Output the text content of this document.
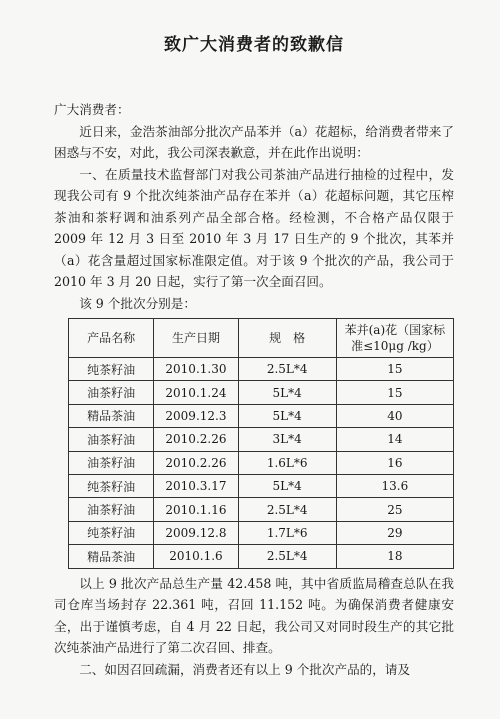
致广大消费者的致歉信

广大消费者：

近日来，金浩茶油部分批次产品苯并（a）花超标，给消费者带来了困惑与不安，对此，我公司深表歉意，并在此作出说明：

一、在质量技术监督部门对我公司茶油产品进行抽检的过程中，发现我公司有 9 个批次纯茶油产品存在苯并（a）花超标问题，其它压榨茶油和茶籽调和油系列产品全部合格。经检测，不合格产品仅限于 2009 年 12 月 3 日至 2010 年 3 月 17 日生产的 9 个批次，其苯并（a）花含量超过国家标准限定值。对于该 9 个批次的产品，我公司于 2010 年 3 月 20 日起，实行了第一次全面召回。

该 9 个批次分别是：

产品名称	生产日期	规　格	苯并(a)花（国家标准≤10μg /kg）
纯茶籽油	2010.1.30	2.5L*4	15
油茶籽油	2010.1.24	5L*4	15
精品茶油	2009.12.3	5L*4	40
油茶籽油	2010.2.26	3L*4	14
油茶籽油	2010.2.26	1.6L*6	16
纯茶籽油	2010.3.17	5L*4	13.6
油茶籽油	2010.1.16	2.5L*4	25
纯茶籽油	2009.12.8	1.7L*6	29
精品茶油	2010.1.6	2.5L*4	18

以上 9 批次产品总生产量 42.458 吨，其中省质监局稽查总队在我司仓库当场封存 22.361 吨，召回 11.152 吨。为确保消费者健康安全，出于谨慎考虑，自 4 月 22 日起，我公司又对同时段生产的其它批次纯茶油产品进行了第二次召回、排查。

二、如因召回疏漏，消费者还有以上 9 个批次产品的，请及
